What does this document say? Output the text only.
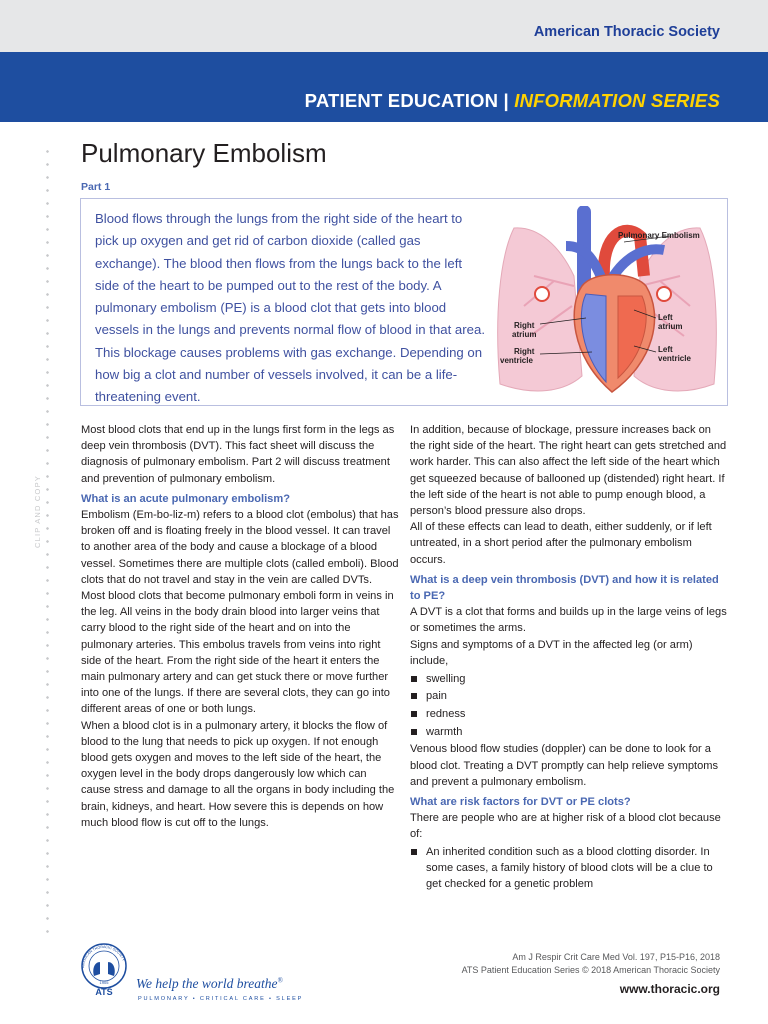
American Thoracic Society
PATIENT EDUCATION | INFORMATION SERIES
CLIP AND COPY
Pulmonary Embolism
Part 1
Blood flows through the lungs from the right side of the heart to pick up oxygen and get rid of carbon dioxide (called gas exchange). The blood then flows from the lungs back to the left side of the heart to be pumped out to the rest of the body. A pulmonary embolism (PE) is a blood clot that gets into blood vessels in the lungs and prevents normal flow of blood in that area. This blockage causes problems with gas exchange. Depending on how big a clot and number of vessels involved, it can be a life-threatening event.
Pulmonary Embolism
Right atrium
Right ventricle
Left atrium
Left ventricle

Most blood clots that end up in the lungs first form in the legs as deep vein thrombosis (DVT). This fact sheet will discuss the diagnosis of pulmonary embolism. Part 2 will discuss treatment and prevention of pulmonary embolism.

What is an acute pulmonary embolism?

Embolism (Em-bo-liz-m) refers to a blood clot (embolus) that has broken off and is floating freely in the blood vessel. It can travel to another area of the body and cause a blockage of a blood vessel. Sometimes there are multiple clots (called emboli). Blood clots that do not travel and stay in the vein are called DVTs. Most blood clots that become pulmonary emboli form in veins in the leg. All veins in the body drain blood into larger veins that carry blood to the right side of the heart and on into the pulmonary arteries. This embolus travels from veins into right side of the heart. From the right side of the heart it enters the main pulmonary artery and can get stuck there or move further into one of the lungs. If there are several clots, they can go into different areas of one or both lungs.

When a blood clot is in a pulmonary artery, it blocks the flow of blood to the lung that needs to pick up oxygen. If not enough blood gets oxygen and moves to the left side of the heart, the oxygen level in the body drops dangerously low which can cause stress and damage to all the organs in body including the brain, kidneys, and heart. How severe this is depends on how much blood flow is cut off to the lungs.

In addition, because of blockage, pressure increases back on the right side of the heart. The right heart can gets stretched and work harder. This can also affect the left side of the heart which get squeezed because of ballooned up (distended) right heart. If the left side of the heart is not able to pump enough blood, a person’s blood pressure also drops.

All of these effects can lead to death, either suddenly, or if left untreated, in a short period after the pulmonary embolism occurs.

What is a deep vein thrombosis (DVT) and how it is related to PE?

A DVT is a clot that forms and builds up in the large veins of legs or sometimes the arms.

Signs and symptoms of a DVT in the affected leg (or arm) include,

swelling
pain
redness
warmth

Venous blood flow studies (doppler) can be done to look for a blood clot. Treating a DVT promptly can help relieve symptoms and prevent a pulmonary embolism.

What are risk factors for DVT or PE clots?

There are people who are at higher risk of a blood clot because of:

An inherited condition such as a blood clotting disorder. In some cases, a family history of blood clots will be a clue to get checked for a genetic problem
AMERICAN THORACIC SOCIETY
1905
ATS
We help the world breathe®
PULMONARY • CRITICAL CARE • SLEEP
Am J Respir Crit Care Med Vol. 197, P15-P16, 2018
ATS Patient Education Series © 2018 American Thoracic Society
www.thoracic.org
